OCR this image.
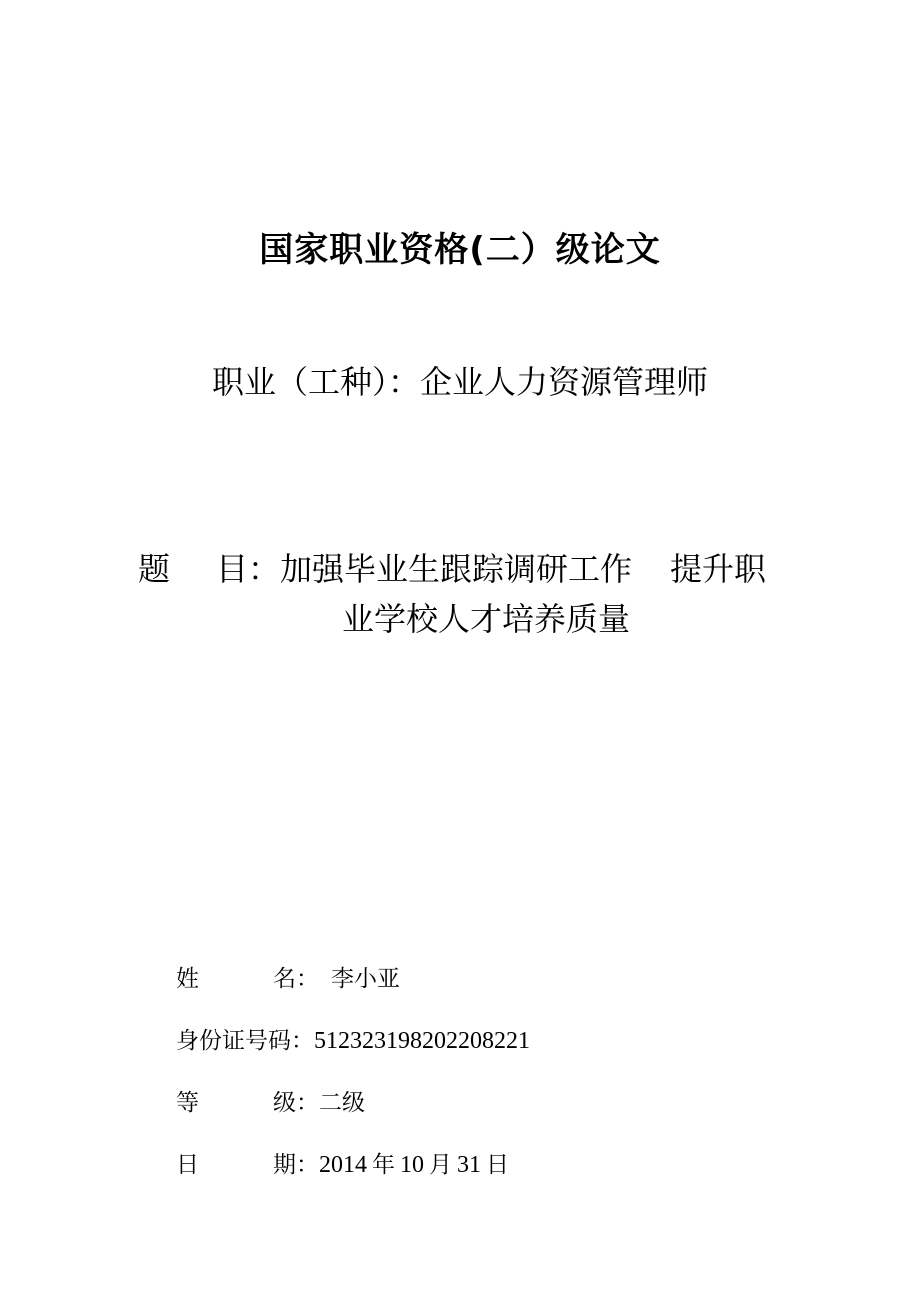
国家职业资格(二）级论文
职业（工种）：企业人力资源管理师
题 目：加强毕业生跟踪调研工作 提升职
业学校人才培养质量
姓	名： 李小亚
身份证号码：512323198202208221
等	级：二级
日	期：2014 年 10 月 31 日
